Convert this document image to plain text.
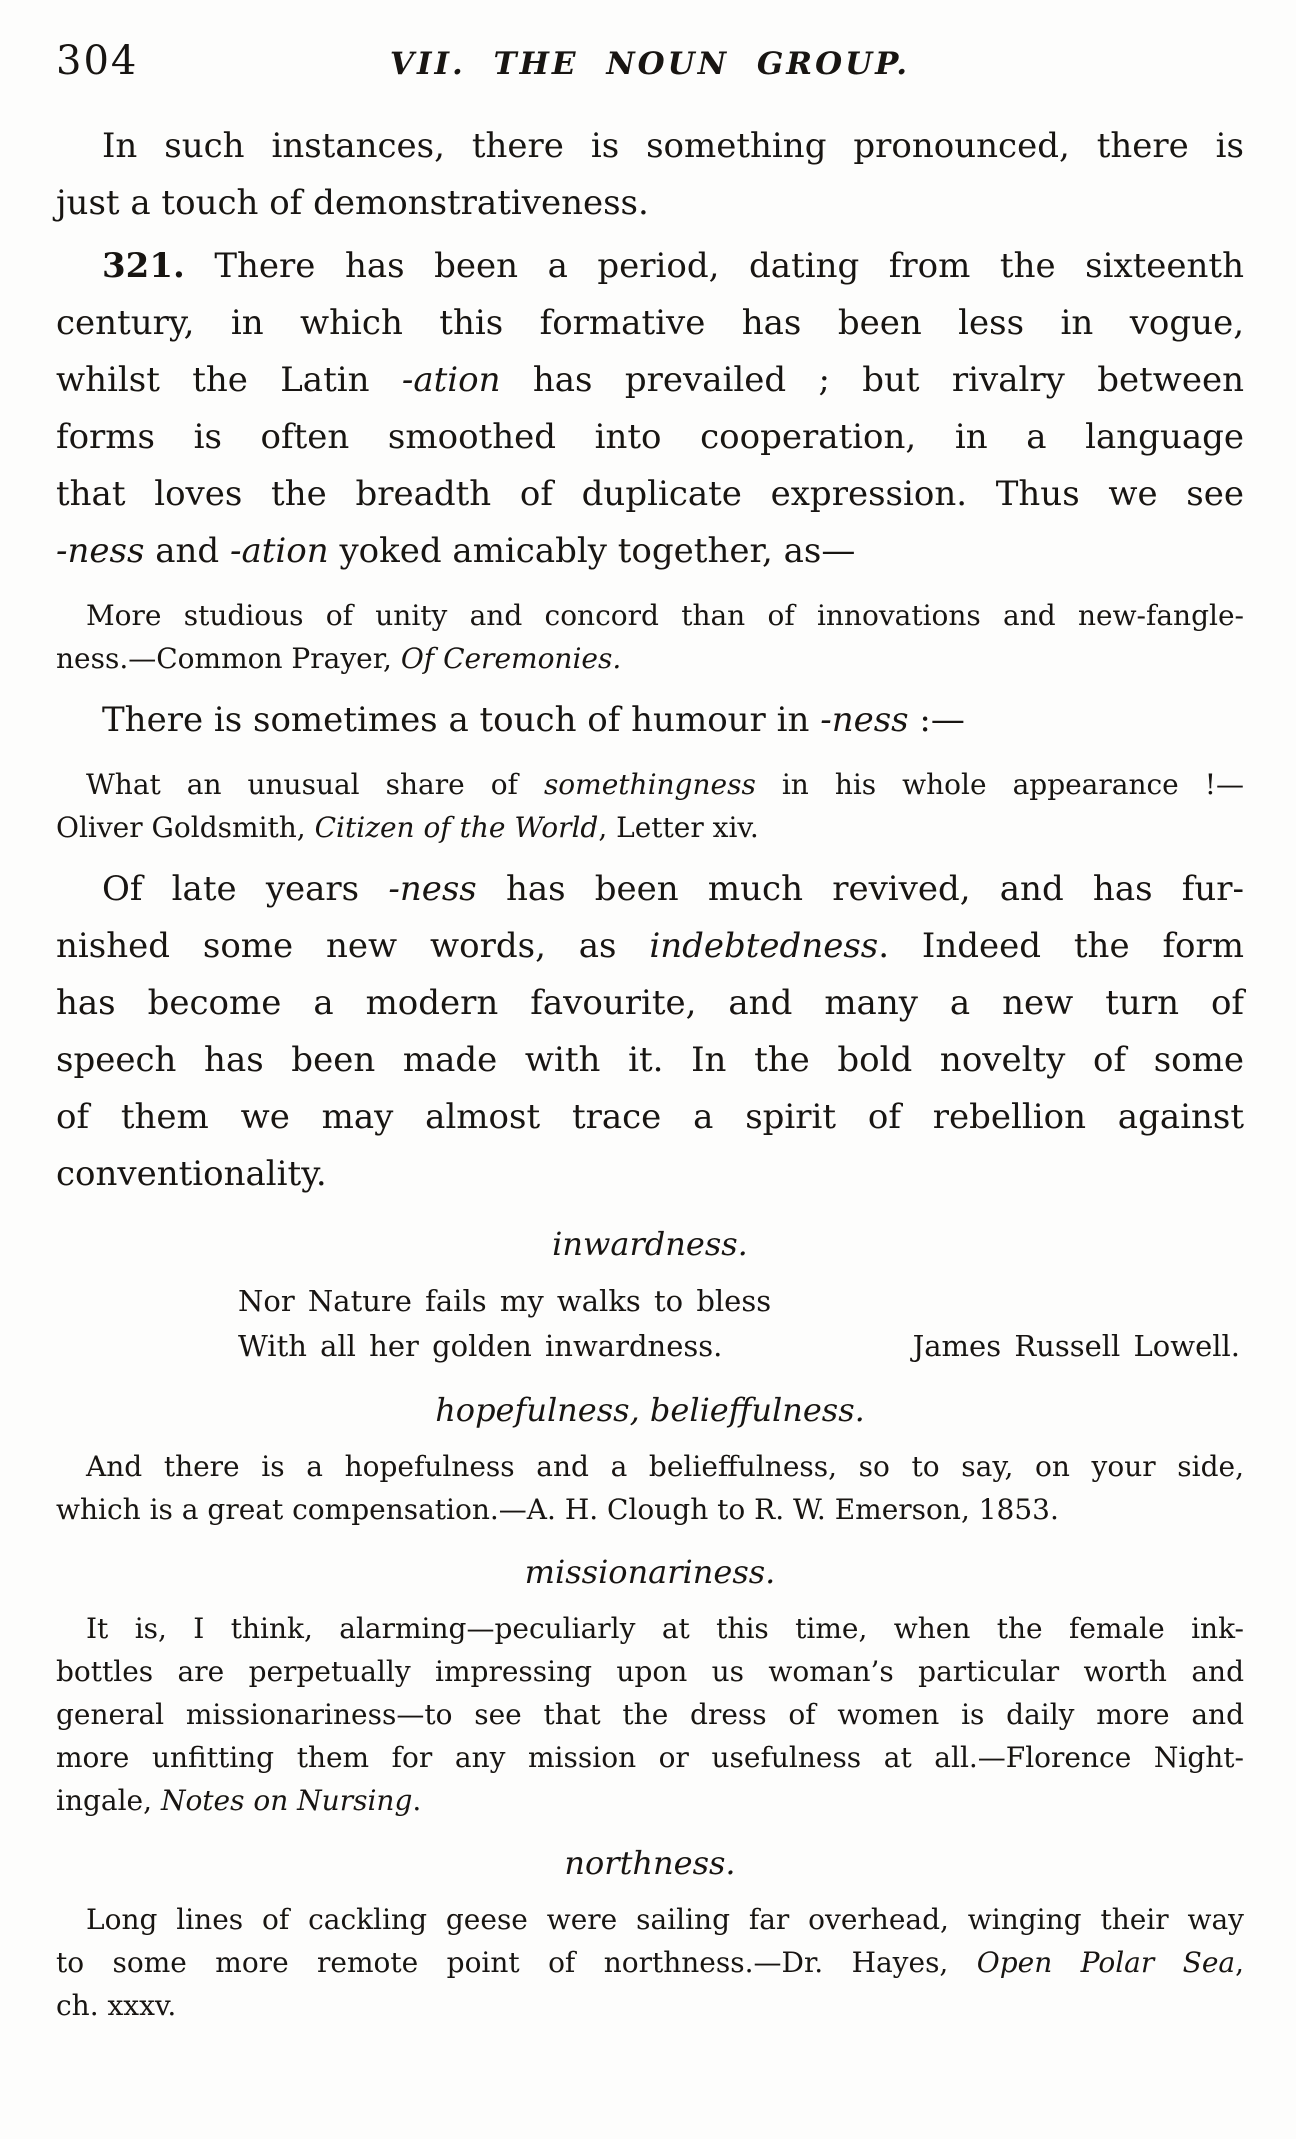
304	VII. THE NOUN GROUP.

In such instances, there is something pronounced, there is
just a touch of demonstrativeness.

321. There has been a period, dating from the sixteenth
century, in which this formative has been less in vogue,
whilst the Latin -ation has prevailed ; but rivalry between
forms is often smoothed into cooperation, in a language
that loves the breadth of duplicate expression. Thus we see
-ness and -ation yoked amicably together, as—

More studious of unity and concord than of innovations and new-fangle-
ness.—Common Prayer, Of Ceremonies.

There is sometimes a touch of humour in -ness :—

What an unusual share of somethingness in his whole appearance !—
Oliver Goldsmith, Citizen of the World, Letter xiv.

Of late years -ness has been much revived, and has fur-
nished some new words, as indebtedness. Indeed the form
has become a modern favourite, and many a new turn of
speech has been made with it. In the bold novelty of some
of them we may almost trace a spirit of rebellion against
conventionality.

inwardness.

Nor Nature fails my walks to bless
With all her golden inwardness.	James Russell Lowell.

hopefulness, belieffulness.

And there is a hopefulness and a belieffulness, so to say, on your side,
which is a great compensation.—A. H. Clough to R. W. Emerson, 1853.

missionariness.

It is, I think, alarming—peculiarly at this time, when the female ink-
bottles are perpetually impressing upon us woman’s particular worth and
general missionariness—to see that the dress of women is daily more and
more unfitting them for any mission or usefulness at all.—Florence Night-
ingale, Notes on Nursing.

northness.

Long lines of cackling geese were sailing far overhead, winging their way
to some more remote point of northness.—Dr. Hayes, Open Polar Sea,
ch. xxxv.
